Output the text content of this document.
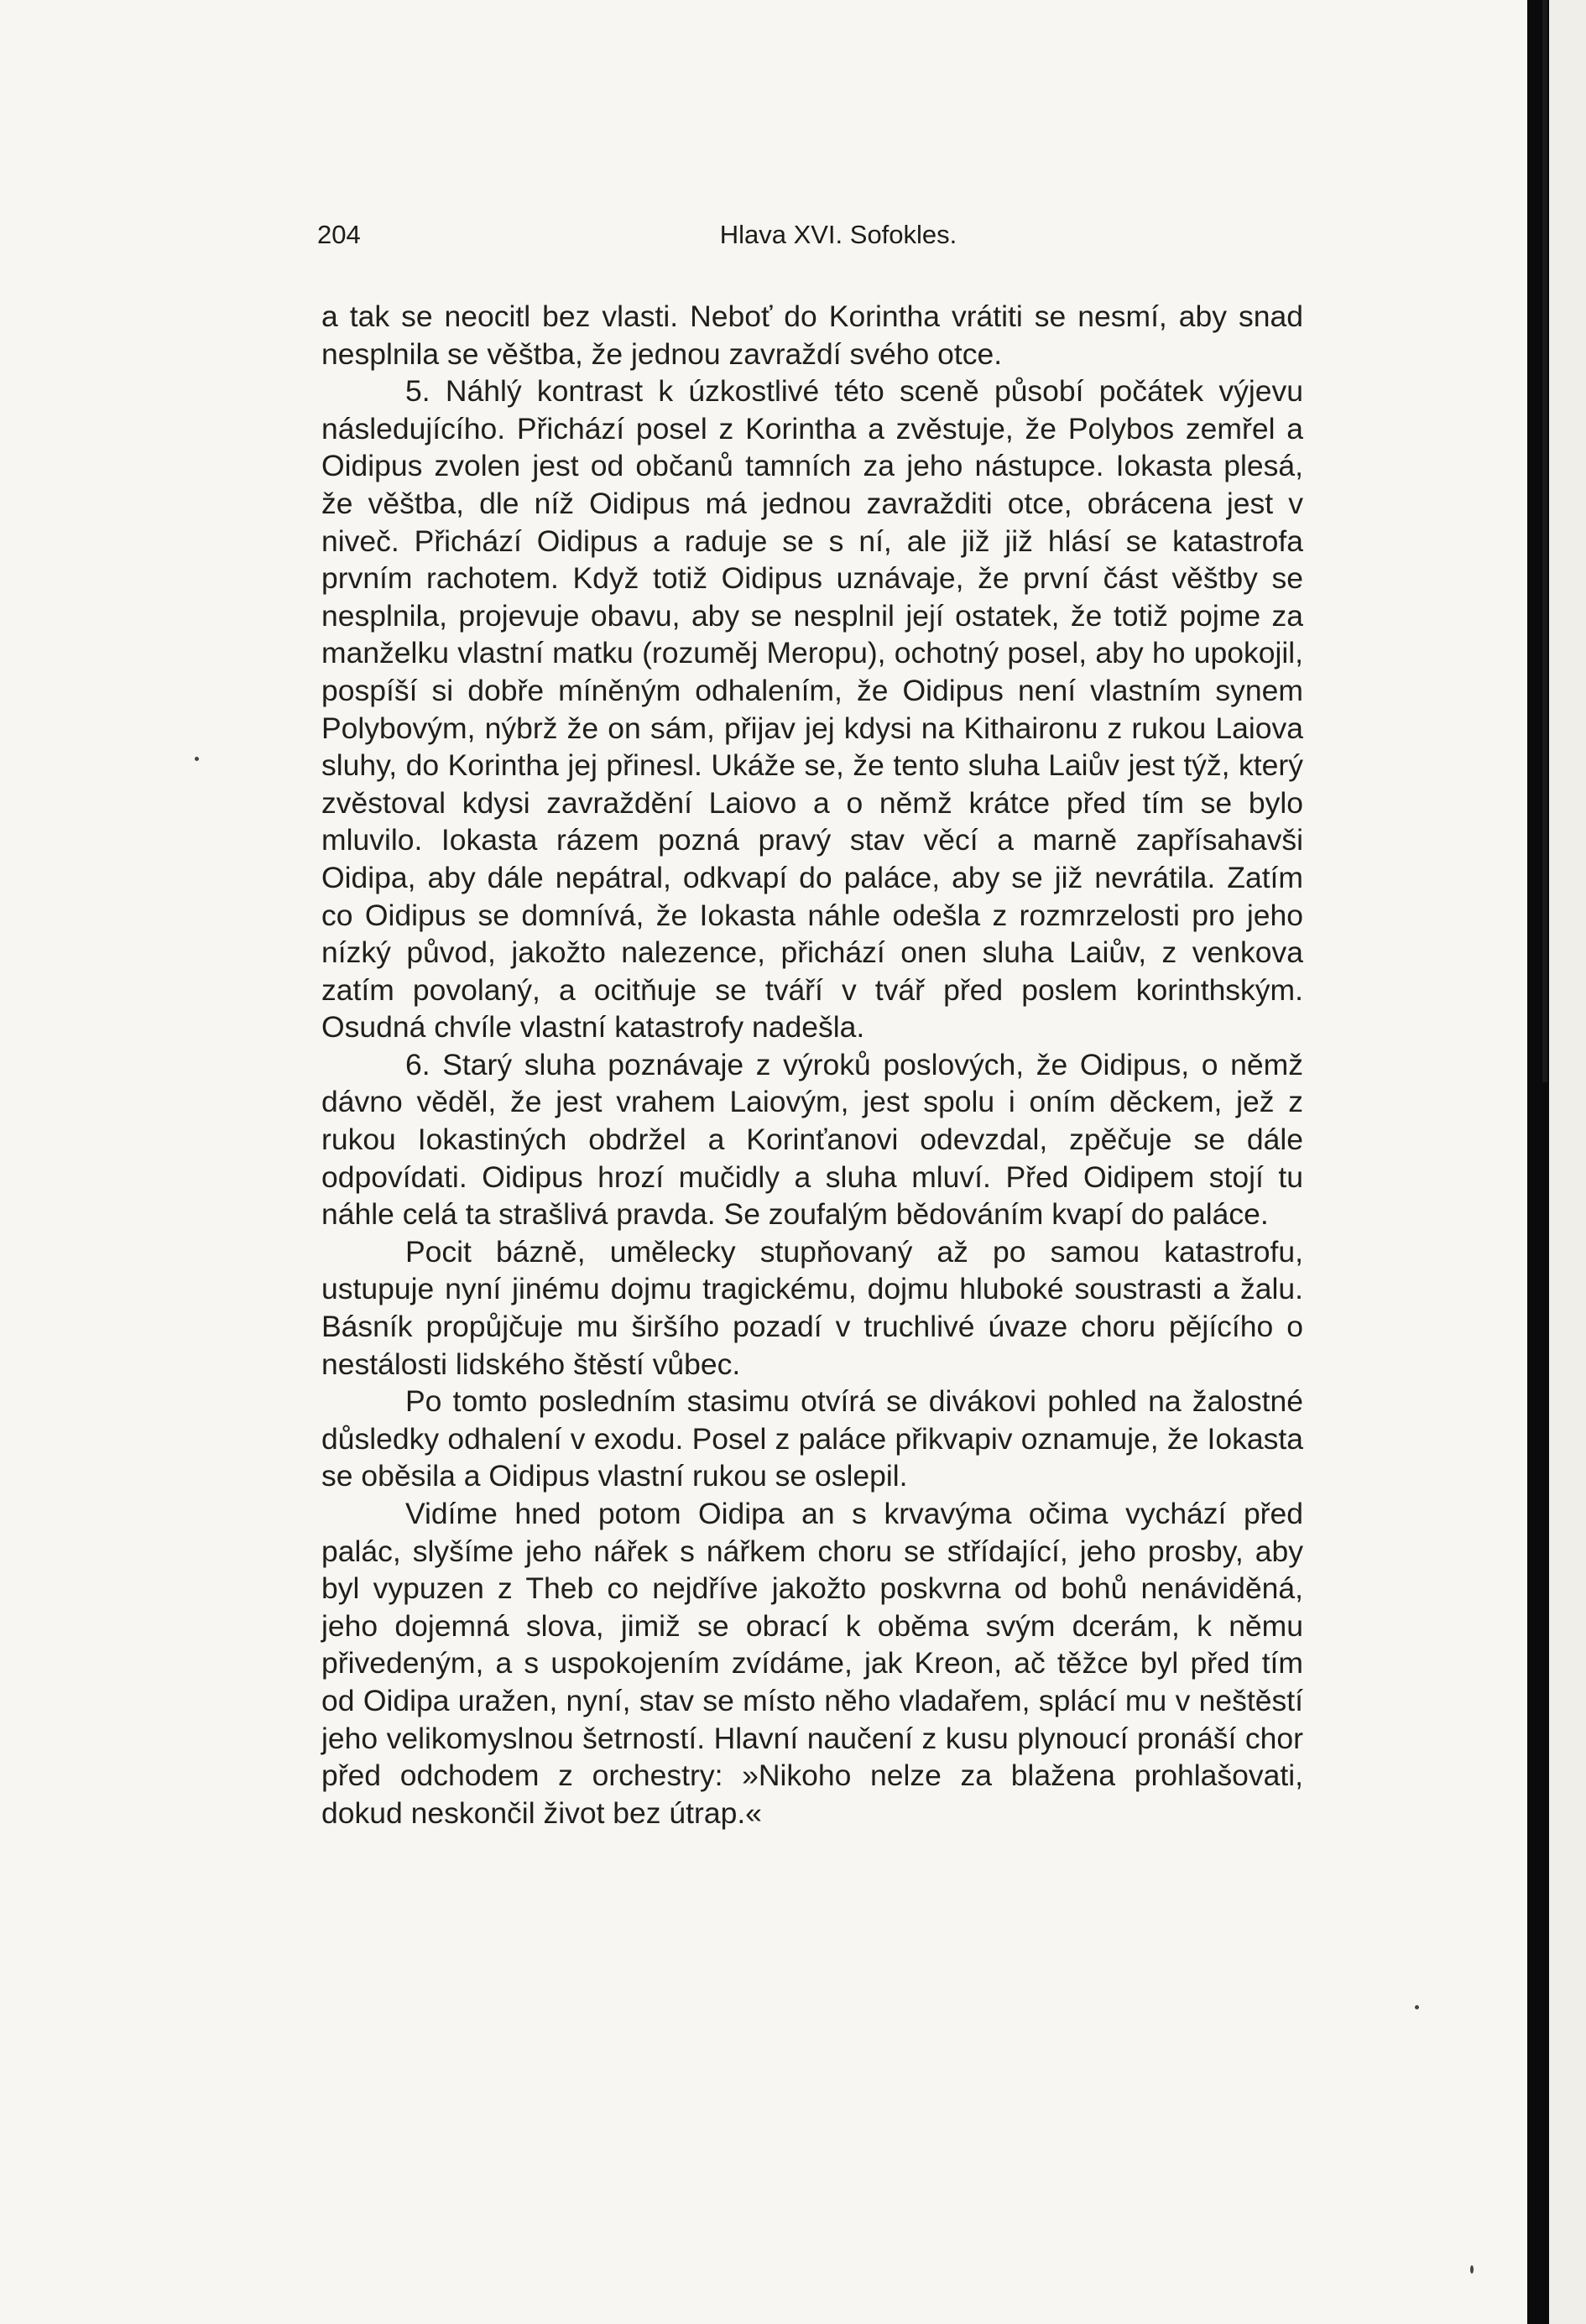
204	Hlava XVI. Sofokles.

a tak se neocitl bez vlasti. Neboť do Korintha vrátiti se nesmí, aby snad nesplnila se věštba, že jednou zavraždí svého otce.

5. Náhlý kontrast k úzkostlivé této sceně působí počátek výjevu následujícího. Přichází posel z Korintha a zvěstuje, že Polybos zemřel a Oidipus zvolen jest od občanů tamních za jeho nástupce. Iokasta plesá, že věštba, dle níž Oidipus má jednou zavražditi otce, obrácena jest v niveč. Přichází Oidipus a raduje se s ní, ale již již hlásí se katastrofa prvním rachotem. Když totiž Oidipus uznávaje, že první část věštby se nesplnila, projevuje obavu, aby se nesplnil její ostatek, že totiž pojme za manželku vlastní matku (rozuměj Meropu), ochotný posel, aby ho upokojil, pospíší si dobře míněným odhalením, že Oidipus není vlastním synem Polybovým, nýbrž že on sám, přijav jej kdysi na Kithaironu z rukou Laiova sluhy, do Korintha jej přinesl. Ukáže se, že tento sluha Laiův jest týž, který zvěstoval kdysi zavraždění Laiovo a o němž krátce před tím se bylo mluvilo. Iokasta rázem pozná pravý stav věcí a marně zapřísahavši Oidipa, aby dále nepátral, odkvapí do paláce, aby se již nevrátila. Zatím co Oidipus se domnívá, že Iokasta náhle odešla z rozmrzelosti pro jeho nízký původ, jakožto nalezence, přichází onen sluha Laiův, z venkova zatím povolaný, a ocitňuje se tváří v tvář před poslem korinthským. Osudná chvíle vlastní katastrofy nadešla.

6. Starý sluha poznávaje z výroků poslových, že Oidipus, o němž dávno věděl, že jest vrahem Laiovým, jest spolu i oním děckem, jež z rukou Iokastiných obdržel a Korinťanovi odevzdal, zpěčuje se dále odpovídati. Oidipus hrozí mučidly a sluha mluví. Před Oidipem stojí tu náhle celá ta strašlivá pravda. Se zoufalým bědováním kvapí do paláce.

Pocit bázně, umělecky stupňovaný až po samou katastrofu, ustupuje nyní jinému dojmu tragickému, dojmu hluboké soustrasti a žalu. Básník propůjčuje mu širšího pozadí v truchlivé úvaze choru pějícího o nestálosti lidského štěstí vůbec.

Po tomto posledním stasimu otvírá se divákovi pohled na žalostné důsledky odhalení v exodu. Posel z paláce přikvapiv oznamuje, že Iokasta se oběsila a Oidipus vlastní rukou se oslepil.

Vidíme hned potom Oidipa an s krvavýma očima vychází před palác, slyšíme jeho nářek s nářkem choru se střídající, jeho prosby, aby byl vypuzen z Theb co nejdříve jakožto poskvrna od bohů nenáviděná, jeho dojemná slova, jimiž se obrací k oběma svým dcerám, k němu přivedeným, a s uspokojením zvídáme, jak Kreon, ač těžce byl před tím od Oidipa uražen, nyní, stav se místo něho vladařem, splácí mu v neštěstí jeho velikomyslnou šetrností. Hlavní naučení z kusu plynoucí pronáší chor před odchodem z orchestry: »Nikoho nelze za blažena prohlašovati, dokud neskončil život bez útrap.«
